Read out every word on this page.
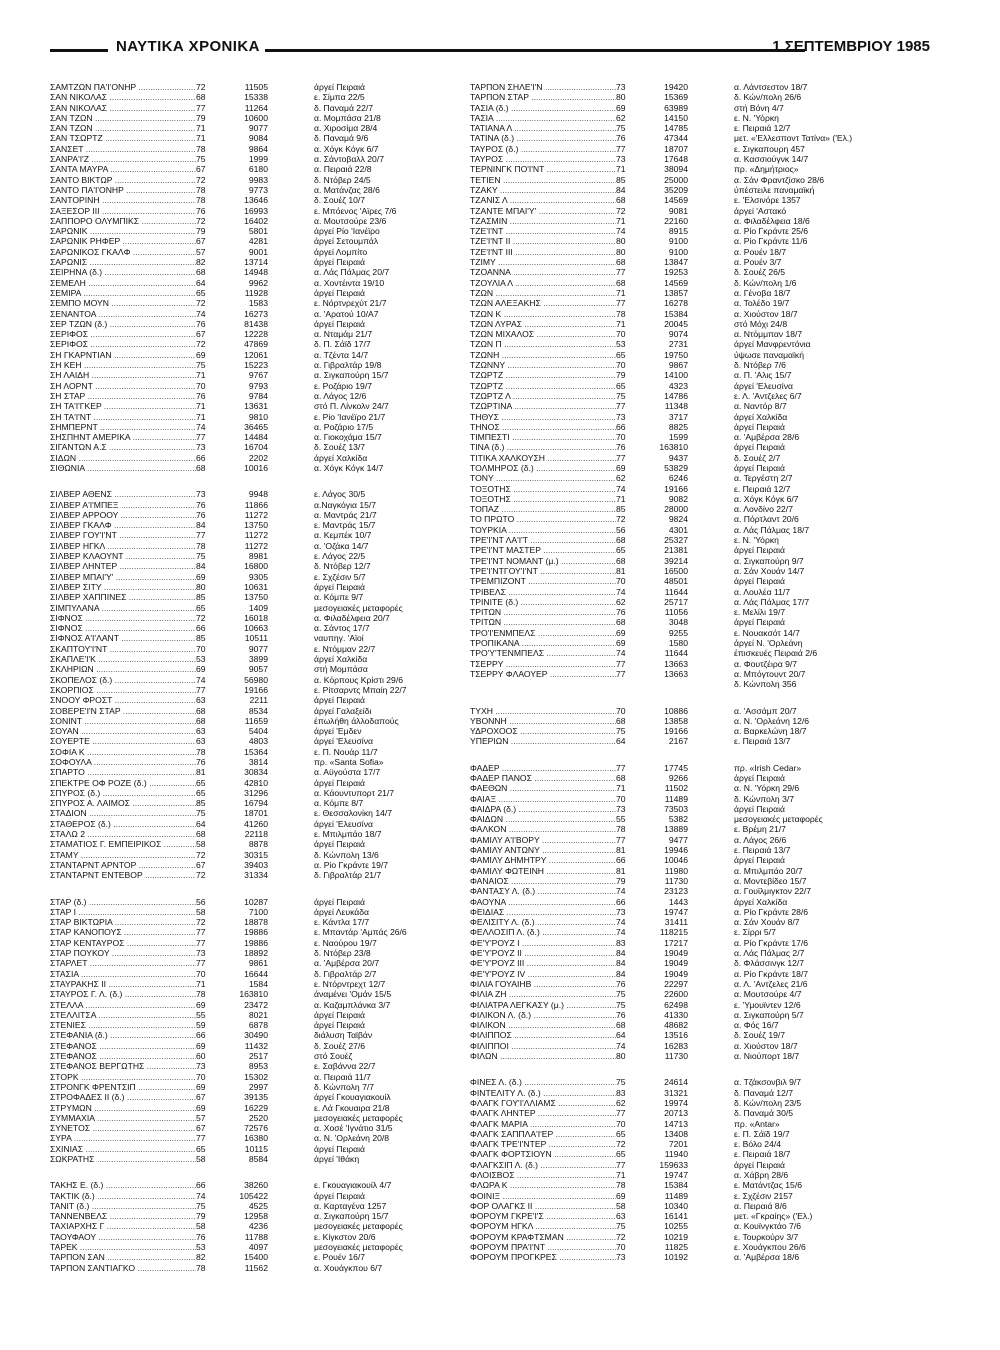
ΝΑΥΤΙΚΑ ΧΡΟΝΙΚΑ	1 ΣΕΠΤΕΜΒΡΙΟΥ 1985
ΣΑΜΤΖΩΝ ΠΑ'Ι'ΟΝΗΡ .....	72	11505	άργεί Πειραιά
ΣΑΝ ΝΙΚΟΛΑΣ .....	68	15338	ε. Σίμπα 22/5
ΣΑΝ ΝΙΚΟΛΑΣ .....	77	11264	δ. Παναμά 22/7
ΣΑΝ ΤΖΩΝ .....	79	10600	α. Μομπάσα 21/8
ΣΑΝ ΤΖΩΝ .....	71	9077	α. Χιροσίμα 28/4
ΣΑΝ ΤΣΩΡΤΖ .....	71	9084	δ. Παναμά 9/6
ΣΑΝΣΕΤ .....	78	9864	α. Χόγκ Κόγκ 6/7
ΣΑΝΡΑ'Ι'Ζ .....	75	1999	α. Σάντοβαλλ 20/7
ΣΑΝΤΑ ΜΑΥΡΑ .....	67	6180	α. Πειραιά 22/8
ΣΑΝΤΟ ΒΙΚΤΩΡ .....	72	9983	δ. Ντόβερ 24/5
ΣΑΝΤΟ ΠΑ'Ι'ΟΝΗΡ .....	78	9773	α. Ματάνζας 28/6
ΣΑΝΤΟΡΙΝΗ .....	78	13646	δ. Σουέζ 10/7
ΣΑΞΕΣΟΡ ΙΙΙ .....	76	16993	ε. Μπόενος 'Αϊρες 7/6
ΣΑΠΠΟΡΟ ΟΛΥΜΠΙΚΣ .....	72	16402	α. Μουτσούρε 23/6
ΣΑΡΩΝΙΚ .....	79	5801	άργεί Ρίο 'Ιανέϊρο
ΣΑΡΩΝΙΚ ΡΗΦΕΡ .....	67	4281	άργεί Σετουμπάλ
ΣΑΡΩΝΙΚΟΣ ΓΚΑΛΦ .....	57	9001	άργεί Λομπίτο
ΣΑΡΩΝΙΣ .....	82	13714	άργεί Πειραιά
ΣΕΙΡΗΝΑ (δ.) .....	68	14948	α. Λάς Πάλμας 20/7
ΣΕΜΕΛΗ .....	64	9962	α. Χοντέιντα 19/10
ΣΕΜΙΡΑ .....	65	11928	άργεί Πειραιά
ΣΕΜΠΟ ΜΟΥΝ .....	72	1583	ε. Νόρτνρεχύτ 21/7
ΣΕΝΑΝΤΟΑ .....	74	16273	α. 'Αρατού 10/Α7
ΣΕΡ ΤΖΩΝ (δ.) .....	76	81438	άργεί Πειραιά
ΣΕΡΙΦΟΣ .....	67	12228	α. Νταμάμ 21/7
ΣΕΡΙΦΟΣ .....	72	47869	δ. Π. Σάϊδ 17/7
ΣΗ ΓΚΑΡΝΤΙΑΝ .....	69	12061	α. Τζέντα 14/7
ΣΗ ΚΕΗ .....	75	15223	α. Γιβραλτάρ 19/8
ΣΗ ΛΑΙΔΗ .....	71	9767	α. Σιγκαπούρη 15/7
ΣΗ ΛΟΡΝΤ .....	70	9793	ε. Ροζάριο 19/7
ΣΗ ΣΤΑΡ .....	76	9784	α. Λάγος 12/6
ΣΗ ΤΑ'Ι'ΓΚΕΡ .....	71	13631	στό Π. Λίνκολν 24/7
ΣΗ ΤΑ'Ι'ΝΤ .....	71	9810	ε. Ρίο 'Ιανέϊρο 21/7
ΣΗΜΠΕΡΝΤ .....	74	36465	α. Ροζάριο 17/5
ΣΗΣΠΗΝΤ ΑΜΕΡΙΚΑ .....	77	14484	α. Γιοκοχάμα 15/7
ΣΙΓΑΝΤΩΝ Α.Σ .....	73	16704	δ. Σουέζ 13/7
ΣΙΔΩΝ .....	66	2202	άργεί Χαλκίδα
ΣΙΘΩΝΙΑ .....	68	10016	α. Χόγκ Κόγκ 14/7
ΣΙΛΒΕΡ ΑΘΕΝΣ .....	73	9948	ε. Λάγος 30/5
ΣΙΛΒΕΡ Α'Ι'ΜΠΕΞ .....	76	11866	α.Ναγκόγια 15/7
ΣΙΛΒΕΡ ΑΡΡΟΟΥ .....	76	11272	α. Μαντράς 21/7
ΣΙΛΒΕΡ ΓΚΑΛΦ .....	84	13750	ε. Μαντράς 15/7
ΣΙΛΒΕΡ ΓΟΥ'Ι'ΝΤ .....	77	11272	α. Κεμπέκ 10/7
ΣΙΛΒΕΡ ΗΓΚΛ .....	78	11272	α. 'Οζάκα 14/7
ΣΙΛΒΕΡ ΚΛΑΟΥΝΤ .....	75	8981	ε. Λάγος 22/5
ΣΙΛΒΕΡ ΛΗΝΤΕΡ .....	84	16800	δ. Ντόβερ 12/7
ΣΙΛΒΕΡ ΜΠΑΙ'Υ' .....	69	9305	ε. Σχζέσιν 5/7
ΣΙΛΒΕΡ ΣΙΤΥ .....	80	10631	άργεί Πειραιά
ΣΙΛΒΕΡ ΧΑΠΠΙΝΕΣ .....	85	13750	α. Κόμπε 9/7
ΣΙΜΠΥΛΑΝΑ .....	65	1409	μεσογειακές μεταφορές
ΣΙΦΝΟΣ .....	72	16018	α. Φιλαδέλφεια 20/7
ΣΙΦΝΟΣ .....	66	10663	α. Σάντος 17/7
ΣΙΦΝΟΣ Α'Ι'ΛΑΝΤ .....	85	10511	ναυπηγ. 'Αϊοί
ΣΚΑΠΤΟΥ'Ι'ΝΤ .....	70	9077	ε. Ντόμμαν 22/7
ΣΚΑΠΛΕ'Ι'Κ .....	53	3899	άργεί Χαλκίδα
ΣΚΛΗΡΙΩΝ .....	69	9057	στή Μομπάσα
ΣΚΟΠΕΛΟΣ (δ.) .....	74	56980	α. Κόρπους Κρίστι 29/6
ΣΚΟΡΠΙΟΣ .....	77	19166	ε. Ρίτσαρντς Μπαίη 22/7
ΣΝΟΟΥ ΦΡΟΣΤ .....	63	2211	άργεί Πειραιά
ΣΟΒΕΡΕ'Ι'Ν ΣΤΑΡ .....	68	8534	άργεί Γαλαξείδι
ΣΟΝΙΝΤ .....	68	11659	έπωλήθη άλλοδαπούς
ΣΟΥΑΝ .....	63	5404	άργεί 'Εμδεν
ΣΟΥΕΡΤΕ .....	63	4803	άργεί 'Ελευσίνα
ΣΟΦΙΑ Κ .....	78	15364	ε. Π. Νουάρ 11/7
ΣΟΦΟΥΛΑ .....	76	3814	πρ. «Santa Sofia»
ΣΠΑΡΤΟ .....	81	30834	α. Αϋγούστα 17/7
ΣΠΕΚΤΡΕ ΟΦ ΡΟΖΕ (δ.) .....	65	42810	άργεί Πειραιά
ΣΠΥΡΟΣ (δ.) .....	65	31296	α. Κάουντυπορτ 21/7
ΣΠΥΡΟΣ Α. ΛΑΙΜΟΣ .....	85	16794	α. Κόμπε 8/7
ΣΤΑΔΙΟΝ .....	75	18701	ε. Θεσσαλονίκη 14/7
ΣΤΑΘΕΡΟΣ (δ.) .....	64	41260	άργεί 'Ελευσίνα
ΣΤΑΛΩ 2 .....	68	22118	ε. Μπιλμπάο 18/7
ΣΤΑΜΑΤΙΟΣ Γ. ΕΜΠΕΙΡΙΚΟΣ .....	58	8878	άργεί Πειραιά
ΣΤΑΜΥ .....	72	30315	δ. Κώνπολη 13/6
ΣΤΑΝΤΑΡΝΤ ΑΡΝΤΟΡ .....	67	39403	α. Ρίο Γκράντε 19/7
ΣΤΑΝΤΑΡΝΤ ΕΝΤΕΒΟΡ .....	72	31334	δ. Γιβραλτάρ 21/7
ΣΤΑΡ (δ.) .....	56	10287	άργεί Πειραιά
ΣΤΑΡ Ι .....	58	7100	άργεί Λευκάδα
ΣΤΑΡ ΒΙΚΤΩΡΙΑ .....	72	18878	ε. Κάντλα 17/7
ΣΤΑΡ ΚΑΝΟΠΟΥΣ .....	77	19886	ε. Μπαντάρ 'Αμπάς 26/6
ΣΤΑΡ ΚΕΝΤΑΥΡΟΣ .....	77	19886	ε. Ναούρου 19/7
ΣΤΑΡ ΠΟΥΚΟΥ .....	73	18892	δ. Ντόβερ 23/8
ΣΤΑΡΛΕΤ .....	77	9861	α. 'Αμβέρσα 20/7
ΣΤΑΣΙΑ .....	70	16644	δ. Γιβραλτάρ 2/7
ΣΤΑΥΡΑΚΗΣ ΙΙ .....	71	1584	ε. Ντόρντρεχτ 12/7
ΣΤΑΥΡΟΣ Γ. Λ. (δ.) .....	78	163810	άναμένει 'Ομάν 15/5
ΣΤΕΛΛΑ .....	69	23472	α. Καζαμπλάνκα 3/7
ΣΤΕΛΛΙΤΣΑ .....	55	8021	άργεί Πειραιά
ΣΤΕΝΙΕΣ .....	59	6878	άργεί Πειραιά
ΣΤΕΦΑΝΙΑ (δ.) .....	66	30490	διάλυση Ταϊβάν
ΣΤΕΦΑΝΟΣ .....	69	11432	δ. Σουέζ 27/6
ΣΤΕΦΑΝΟΣ .....	60	2517	στό Σουέζ
ΣΤΕΦΑΝΟΣ ΒΕΡΓΩΤΗΣ .....	73	8953	ε. Σαβάννα 22/7
ΣΤΟΡΚ .....	70	15302	α. Πειραιά 11/7
ΣΤΡΟΝΓΚ ΦΡΕΝΤΣΙΠ .....	69	2997	δ. Κώνπολη 7/7
ΣΤΡΟΦΑΔΕΣ ΙΙ (δ.) .....	67	39135	άργεί Γκουαγιακουίλ
ΣΤΡΥΜΩΝ .....	69	16229	ε. Λά Γκουαιρα 21/8
ΣΥΜΜΑΧΙΑ .....	57	2520	μεσογειακές μεταφορές
ΣΥΝΕΤΟΣ .....	67	72576	α. Χοσέ 'Ιγνάτιο 31/5
ΣΥΡΑ .....	77	16380	α. Ν. 'Ορλεάνη 20/8
ΣΧΙΝΙΑΣ .....	65	10115	άργεί Πειραιά
ΣΩΚΡΑΤΗΣ .....	58	8584	άργεί 'Ιθάκη
ΤΑΚΗΣ Ε. (δ.) .....	66	38260	ε. Γκουαγιακουίλ 4/7
ΤΑΚΤΙΚ (δ.) .....	74	105422	άργεί Πειραιά
ΤΑΝΙΤ (δ.) .....	75	4525	α. Καρταγένα 1257
ΤΑΝΝΕΝΒΕΛΣ .....	79	12958	α. Σιγκαπούρη 15/7
ΤΑΧΙΑΡΧΗΣ Γ .....	58	4236	μεσογειακές μεταφορές
ΤΑΟΥΦΑΟΥ .....	76	11788	ε. Κίγκστον 20/6
ΤΑΡΕΚ .....	53	4097	μεσογειακές μεταφορές
ΤΑΡΠΟΝ ΣΑΝ .....	82	15400	ε. Ρουέν 16/7
ΤΑΡΠΟΝ ΣΑΝΤΙΑΓΚΟ .....	78	11562	α. Χουάγκπου 6/7
ΤΑΡΠΟΝ ΣΗΛΕ'Ι'Ν .....	73	19420	α. Λάντσεστον 18/7
ΤΑΡΠΟΝ ΣΤΑΡ .....	80	15369	δ. Κών/πολη 26/6
ΤΑΣΙΑ (δ.) .....	69	63989	στή Βόνη 4/7
ΤΑΣΙΑ .....	62	14150	ε. Ν. 'Υόρκη
ΤΑΤΙΑΝΑ Λ .....	75	14785	ε. Πειραιά 12/7
ΤΑΤΙΝΑ (δ.) .....	76	47344	μετ. «'Ελλεσποντ Τατίνα» ('Ελ.)
ΤΑΥΡΟΣ (δ.) .....	77	18707	ε. Σιγκαπουρη 457
ΤΑΥΡΟΣ .....	73	17648	α. Κασσιούγνκ 14/7
ΤΕΡΝΙΝΓΚ ΠΟ'Ι'ΝΤ .....	71	38094	πρ. «Δημήτριος»
ΤΕΤΙΕΝ .....	85	25000	α. Σάν Φραντζίσκο 28/6
ΤΖΑΚΥ .....	84	35209	ύπέστειλε παναμαϊκή
ΤΖΑΝΙΣ Λ .....	68	14569	ε. 'Ελσινόρε 1357
ΤΖΑΝΤΕ ΜΠΑΙ'Υ' .....	72	9081	άργεί 'Αστακό
ΤΖΑΣΜΙΝ .....	71	22160	α. Φιλαδέλφεια 18/6
ΤΖΕ'Ι'ΝΤ .....	74	8915	α. Ρίο Γκράντε 25/6
ΤΖΕ'Ι'ΝΤ ΙΙ .....	80	9100	α. Ρίο Γκράντε 11/6
ΤΖΕ'Ι'ΝΤ ΙΙΙ .....	80	9100	α. Ρουέν 18/7
ΤΖΙΜΥ .....	68	13847	α. Ρουέν 3/7
ΤΖΟΑΝΝΑ .....	77	19253	δ. Σουέζ 26/5
ΤΖΟΥΛΙΑ Λ .....	68	14569	δ. Κών/πολη 1/6
ΤΖΩΝ .....	71	13857	α. Γένοβα 18/7
ΤΖΩΝ ΑΛΕΞΑΚΗΣ .....	77	16278	α. Τολέδο 19/7
ΤΖΩΝ Κ .....	78	15384	α. Χιούστον 18/7
ΤΖΩΝ ΛΥΡΑΣ .....	71	20045	στό Μόχι 24/8
ΤΖΩΝ ΜΙΧΑΛΟΣ .....	70	9074	α. Ντόμμπαν 18/7
ΤΖΩΝ Π .....	53	2731	άργεί Μανφρεντόνια
ΤΖΩΝΗ .....	65	19750	ύψωσε παναμαϊκή
ΤΖΩΝΝΥ .....	70	9867	δ. Ντόβερ 7/6
ΤΖΩΡΤΖ .....	79	14100	α. Π. 'Αλις 15/7
ΤΖΩΡΤΖ .....	65	4323	άργεί 'Ελευσίνα
ΤΖΩΡΤΖ Λ .....	75	14786	ε. Λ. 'Αντζελες 6/7
ΤΖΩΡΤΙΝΑ .....	77	11348	α. Ναντόρ 8/7
ΤΗΘΥΣ .....	73	3717	άργεί Χαλκίδα
ΤΗΝΟΣ .....	66	8825	άργεί Πειραιά
ΤΙΜΠΕΣΤΙ .....	70	1599	α. 'Αμβέρσα 28/6
ΤΙΝΑ (δ.) .....	76	163810	άργεί Πειραιά
ΤΙΤΙΚΑ ΧΑΛΚΟΥΣΗ .....	77	9437	δ. Σουέζ 2/7
ΤΟΛΜΗΡΟΣ (δ.) .....	69	53829	άργεί Πειραιά
ΤΟΝΥ .....	62	6246	α. Τεργέστη 2/7
ΤΟΞΟΤΗΣ .....	74	19166	ε. Πειραιά 12/7
ΤΟΞΟΤΗΣ .....	71	9082	α. Χόγκ Κόγκ 6/7
ΤΟΠΑΖ .....	85	28000	α. Λονδίνο 22/7
ΤΟ ΠΡΩΤΟ .....	72	9824	α. Πόρτλαντ 20/6
ΤΟΥΡΚΙΑ .....	56	4301	α. Λάς Πάλμας 18/7
ΤΡΕ'Ι'ΝΤ ΛΑ'Ι'Τ .....	68	25327	ε. Ν. 'Υόρκη
ΤΡΕ'Ι'ΝΤ ΜΑΣΤΕΡ .....	65	21381	άργεί Πειραιά
ΤΡΕ'Ι'ΝΤ ΝΟΜΑΝΤ (μ.) .....	68	39214	α. Σιγκαπούρη 9/7
ΤΡΕ'Ι'ΝΤΓΟΥ'Ι'ΝΤ .....	81	16500	α. Σάν Χουάν 14/7
ΤΡΕΜΠΙΖΟΝΤ .....	70	48501	άργεί Πειραιά
ΤΡΙΒΕΛΣ .....	74	11644	α. Λουλέα 11/7
ΤΡΙΝΙΤΕ (δ.) .....	62	25717	α. Λάς Πάλμας 17/7
ΤΡΙΤΩΝ .....	76	11056	ε. Μελίλι 19/7
ΤΡΙΤΩΝ .....	68	3048	άργεί Πειραιά
ΤΡΟ'Ι'ΕΝΜΠΕΛΣ .....	69	9255	ε. Νουακσότ 14/7
ΤΡΟΠΙΚΑΝΑ .....	69	1580	άργεί Ν. 'Ορλεάνη
ΤΡΟ'Υ'ΤΕΝΜΠΕΛΣ .....	74	11644	έπισκευές Πειραιά 2/6
ΤΣΕΡΡΥ .....	77	13663	α. Φουτζέιρα 9/7
ΤΣΕΡΡΥ ΦΛΑΟΥΕΡ .....	77	13663	α. Μπόγτουντ 20/7
δ. Κώνπολη 356
ΤΥΧΗ .....	70	10886	α. 'Ασσάμπ 20/7
ΥΒΟΝΝΗ .....	68	13858	α. Ν. 'Ορλεάνη 12/6
ΥΔΡΟΧΟΟΣ .....	75	19166	α. Βαρκελώνη 18/7
ΥΠΕΡΙΩΝ .....	64	2167	ε. Πειραιά 13/7
ΦΑΔΕΡ .....	77	17745	πρ. «Irish Cedar»
ΦΑΔΕΡ ΠΑΝΟΣ .....	68	9266	άργεί Πειραιά
ΦΑΕΘΩΝ .....	71	11502	α. Ν. 'Υόρκη 29/6
ΦΑΙΑΞ .....	70	11489	δ. Κώνπολη 3/7
ΦΑΙΔΡΑ (δ.) .....	73	73503	άργεί Πειραιά
ΦΑΙΔΩΝ .....	55	5382	μεσογειακές μεταφορές
ΦΑΛΚΟΝ .....	78	13889	ε. Βρέμη 21/7
ΦΑΜΙΛΥ Α'Ι'ΒΟΡΥ .....	77	9477	α. Λάγος 26/6
ΦΑΜΙΛΥ ΑΝΤΩΝΥ .....	81	19946	ε. Πειραιά 13/7
ΦΑΜΙΛΥ ΔΗΜΗΤΡΥ .....	66	10046	άργεί Πειραιά
ΦΑΜΙΛΥ ΦΩΤΕΙΝΗ .....	81	11980	α. Μπιλμπάο 20/7
ΦΑΝΑΙΟΣ .....	79	11730	α. Μοντεβίδεο 15/7
ΦΑΝΤΑΣΥ Λ. (δ.) .....	74	23123	α. Γουϊλμιγκτον 22/7
ΦΑΟΥΝΑ .....	66	1443	άργεί Χαλκίδα
ΦΕΙΔΙΑΣ .....	73	19747	α. Ρίο Γκράντε 28/6
ΦΕΛΙΣΙΤΥ Λ. (δ.) .....	74	31411	α. Σάν Χουάν 8/7
ΦΕΛΛΟΣΙΠ Λ. (δ.) .....	74	118215	ε. Σίρρι 5/7
ΦΕ'Υ'ΡΟΥΖ Ι .....	83	17217	α. Ρίο Γκράντε 17/6
ΦΕ'Υ'ΡΟΥΖ ΙΙ .....	84	19049	α. Λάς Πάλμας 2/7
ΦΕ'Υ'ΡΟΥΖ ΙΙΙ .....	84	19049	δ. Φλάσσινγκ 12/7
ΦΕ'Υ'ΡΟΥΖ ΙV .....	84	19049	α. Ρίο Γκράντε 18/7
ΦΙΛΙΑ ΓΟΥΑΙΗΒ .....	76	22297	α. Λ. 'Αντζελες 21/6
ΦΙΛΙΑ ΖΗ .....	75	22600	α. Μουτσούρε 4/7
ΦΙΛΙΑΤΡΑ ΛΕΓΚΑΣΥ (μ.) .....	75	62498	ε. 'Υμουϊντεν 12/6
ΦΙΛΙΚΟΝ Λ. (δ.) .....	76	41330	α. Σιγκαπούρη 5/7
ΦΙΛΙΚΟΝ .....	68	48682	α. Φός 16/7
ΦΙΛΙΠΠΟΣ .....	64	13516	δ. Σουέζ 19/7
ΦΙΛΙΠΠΟΙ .....	74	16283	α. Χιούστον 18/7
ΦΙΛΩΝ .....	80	11730	α. Νιούπορτ 18/7
ΦΙΝΕΣ Λ. (δ.) .....	75	24614	α. Τζάκσονβιλ 9/7
ΦΙΝΤΕΛΙΤΥ Λ. (δ.) .....	83	31321	δ. Παναμά 12/7
ΦΛΑΓΚ ΓΟΥ'Ι'ΛΛΙΑΜΣ .....	62	19974	δ. Κών/πολη 23/5
ΦΛΑΓΚ ΛΗΝΤΕΡ .....	77	20713	δ. Παναμά 30/5
ΦΛΑΓΚ ΜΑΡΙΑ .....	70	14713	πρ. «Antar»
ΦΛΑΓΚ ΣΑΠΠΛΑ'Ι'ΕΡ .....	65	13408	ε. Π. Σάϊδ 19/7
ΦΛΑΓΚ ΤΡΕ'Ι'ΝΤΕΡ .....	72	7201	ε. Βόλο 24/4
ΦΛΑΓΚ ΦΟΡΤΣΙΟΥΝ .....	65	11940	ε. Πειραιά 18/7
ΦΛΑΓΚΣΙΠ Λ. (δ.) .....	77	159633	άργεί Πειραιά
ΦΛΟΙΣΒΟΣ .....	71	19747	α. Χάβρη 28/6
ΦΛΩΡΑ Κ .....	78	15384	ε. Ματάντζας 15/6
ΦΟΙΝΙΞ .....	69	11489	ε. Σχζέσιν 2157
ΦΟΡ ΟΛΑΓΚΣ ΙΙ .....	58	10340	α. Πειραιά 8/6
ΦΟΡΟΥΜ ΓΚΡΕ'Ι'Σ .....	63	16141	μετ. «Γκραίης» ('Ελ.)
ΦΟΡΟΥΜ ΗΓΚΛ .....	75	10255	α. Κουϊνγκτάο 7/6
ΦΟΡΟΥΜ ΚΡΑΦΤΣΜΑΝ .....	72	10219	ε. Τουρκούρν 3/7
ΦΟΡΟΥΜ ΠΡΑ'Ι'ΝΤ .....	70	11825	ε. Χουάγκπου 26/6
ΦΟΡΟΥΜ ΠΡΟΓΚΡΕΣ .....	73	10192	α. 'Αμβέρσα 18/6
